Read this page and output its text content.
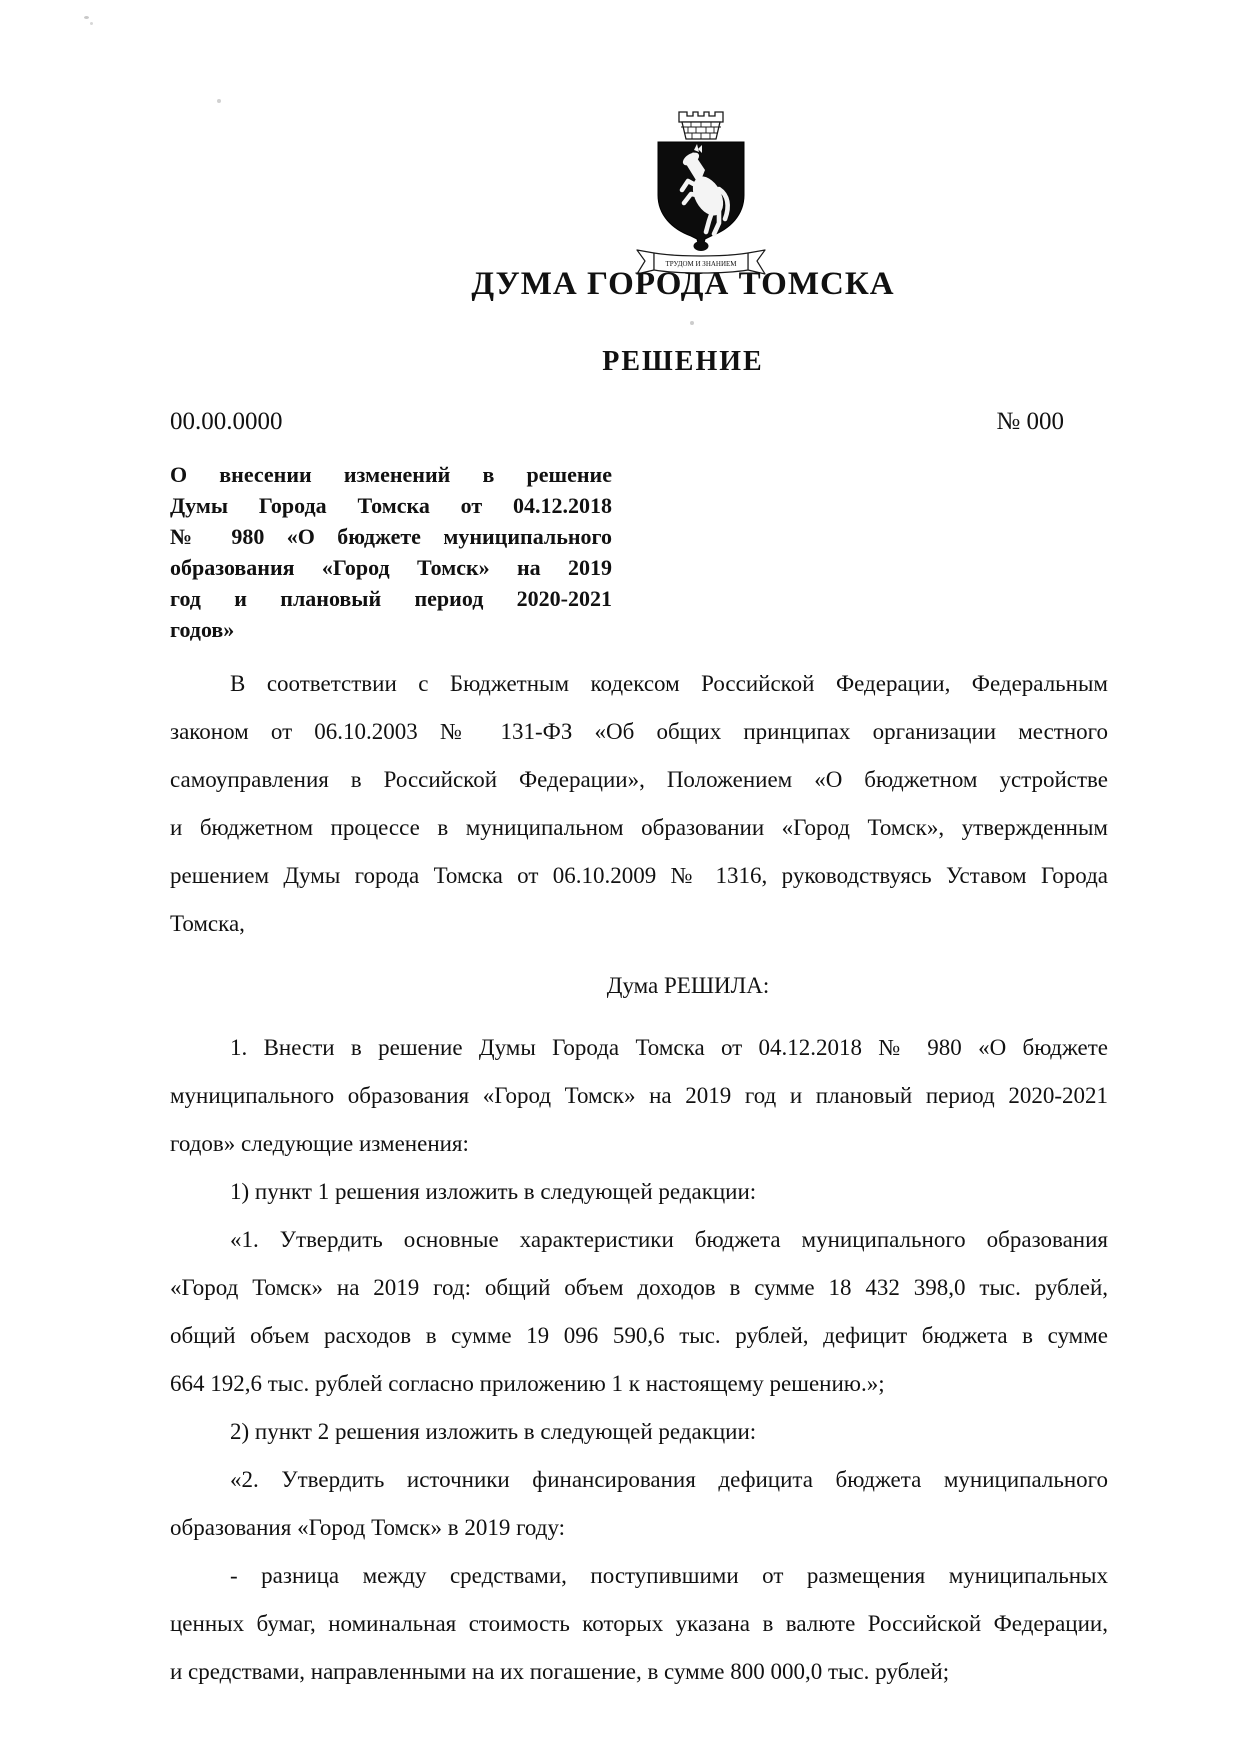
ТРУДОМ И ЗНАНИЕМ
ДУМА ГОРОДА ТОМСКА
РЕШЕНИЕ
00.00.0000	№ 000
О внесении изменений в решение
Думы Города Томска от 04.12.2018
№ 980 «О бюджете муниципального
образования «Город Томск» на 2019
год и плановый период 2020-2021
годов»
В соответствии с Бюджетным кодексом Российской Федерации, Федеральным
законом от 06.10.2003 № 131-ФЗ «Об общих принципах организации местного
самоуправления в Российской Федерации», Положением «О бюджетном устройстве
и бюджетном процессе в муниципальном образовании «Город Томск», утвержденным
решением Думы города Томска от 06.10.2009 № 1316, руководствуясь Уставом Города
Томска,
Дума РЕШИЛА:
1. Внести в решение Думы Города Томска от 04.12.2018 № 980 «О бюджете
муниципального образования «Город Томск» на 2019 год и плановый период 2020-2021
годов» следующие изменения:
1) пункт 1 решения изложить в следующей редакции:
«1. Утвердить основные характеристики бюджета муниципального образования
«Город Томск» на 2019 год: общий объем доходов в сумме 18 432 398,0 тыс. рублей,
общий объем расходов в сумме 19 096 590,6 тыс. рублей, дефицит бюджета в сумме
664 192,6 тыс. рублей согласно приложению 1 к настоящему решению.»;
2) пункт 2 решения изложить в следующей редакции:
«2. Утвердить источники финансирования дефицита бюджета муниципального
образования «Город Томск» в 2019 году:
- разница между средствами, поступившими от размещения муниципальных
ценных бумаг, номинальная стоимость которых указана в валюте Российской Федерации,
и средствами, направленными на их погашение, в сумме 800 000,0 тыс. рублей;
